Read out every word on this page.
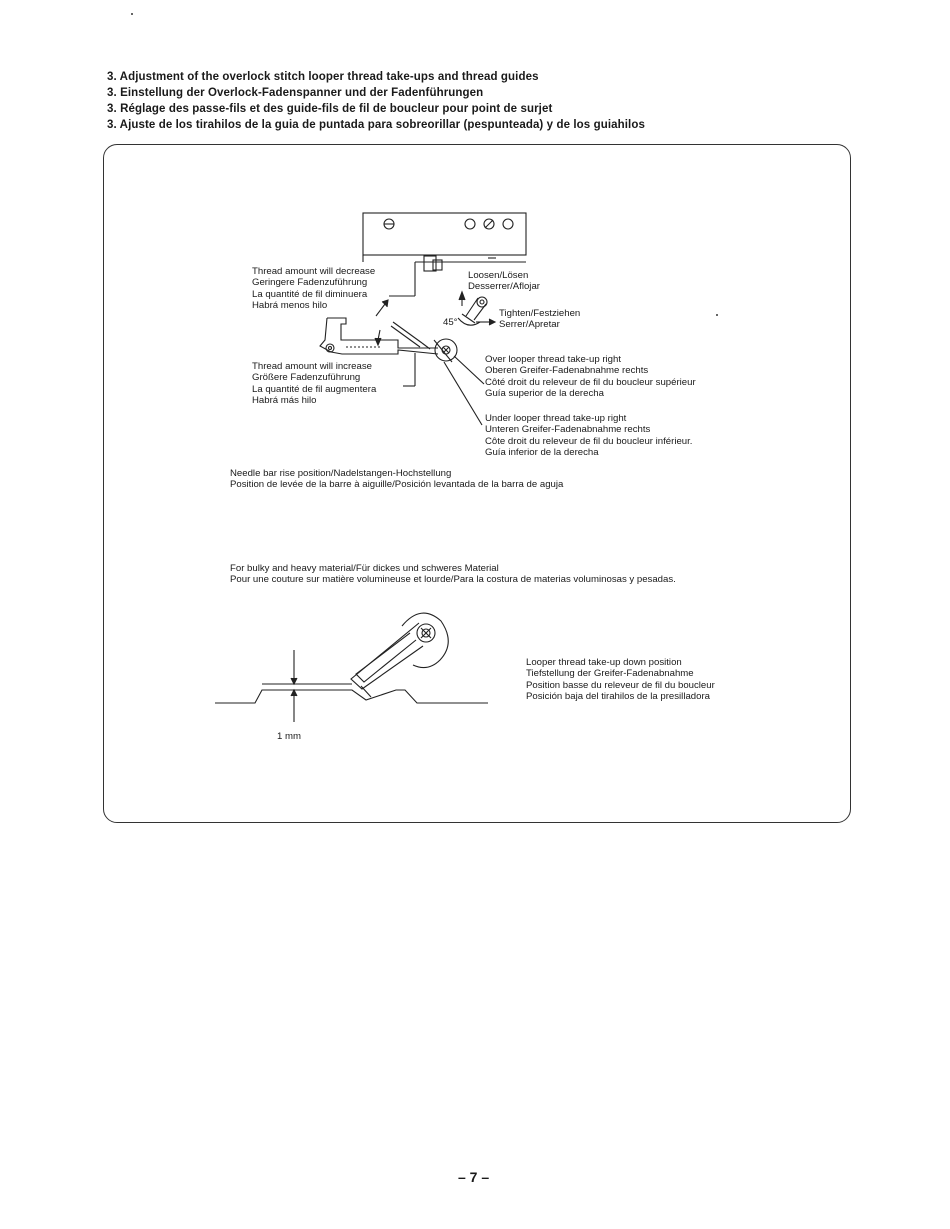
3. Adjustment of the overlock stitch looper thread take-ups and thread guides
3. Einstellung der Overlock-Fadenspanner und der Fadenführungen
3. Réglage des passe-fils et des guide-fils de fil de boucleur pour point de surjet
3. Ajuste de los tirahilos de la guia de puntada para sobreorillar (pespunteada) y de los guiahilos
Thread amount will decrease
Geringere Fadenzuführung
La quantité de fil diminuera
Habrá menos hilo
Thread amount will increase
Größere Fadenzuführung
La quantité de fil augmentera
Habrá más hilo
Loosen/Lösen
Desserrer/Aflojar
Tighten/Festziehen
Serrer/Apretar
45°
Over looper thread take-up right
Oberen Greifer-Fadenabnahme rechts
Côté droit du releveur de fil du boucleur supérieur
Guía superior de la derecha
Under looper thread take-up right
Unteren Greifer-Fadenabnahme rechts
Côte droit du releveur de fil du boucleur inférieur.
Guía inferior de la derecha
Needle bar rise position/Nadelstangen-Hochstellung
Position de levée de la barre à aiguille/Posición levantada de la barra de aguja
For bulky and heavy material/Für dickes und schweres Material
Pour une couture sur matière volumineuse et lourde/Para la costura de materias voluminosas y pesadas.
Looper thread take-up down position
Tiefstellung der Greifer-Fadenabnahme
Position basse du releveur de fil du boucleur
Posición baja del tirahilos de la presilladora
1 mm
– 7 –
